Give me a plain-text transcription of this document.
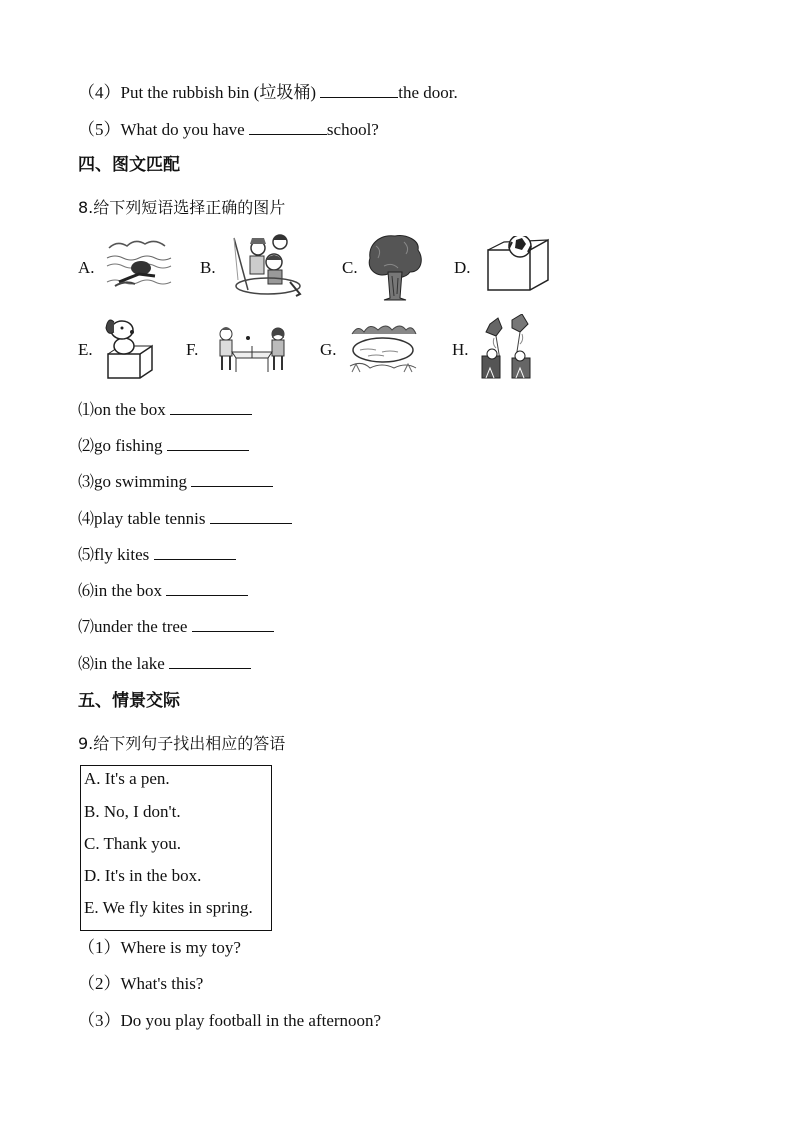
（4）Put the rubbish bin (垃圾桶)	the door.
（5）What do you have	school?
四、图文匹配
8.给下列短语选择正确的图片
A.	B.	C.	D.
E.	F.	G.	H.
⑴on the box
⑵go fishing
⑶go swimming
⑷play table tennis
⑸fly kites
⑹in the box
⑺under the tree
⑻in the lake
五、情景交际
9.给下列句子找出相应的答语
A. It's a pen.
B. No, I don't.
C. Thank you.
D. It's in the box.
E. We fly kites in spring.
（1）Where is my toy?
（2）What's this?
（3）Do you play football in the afternoon?
